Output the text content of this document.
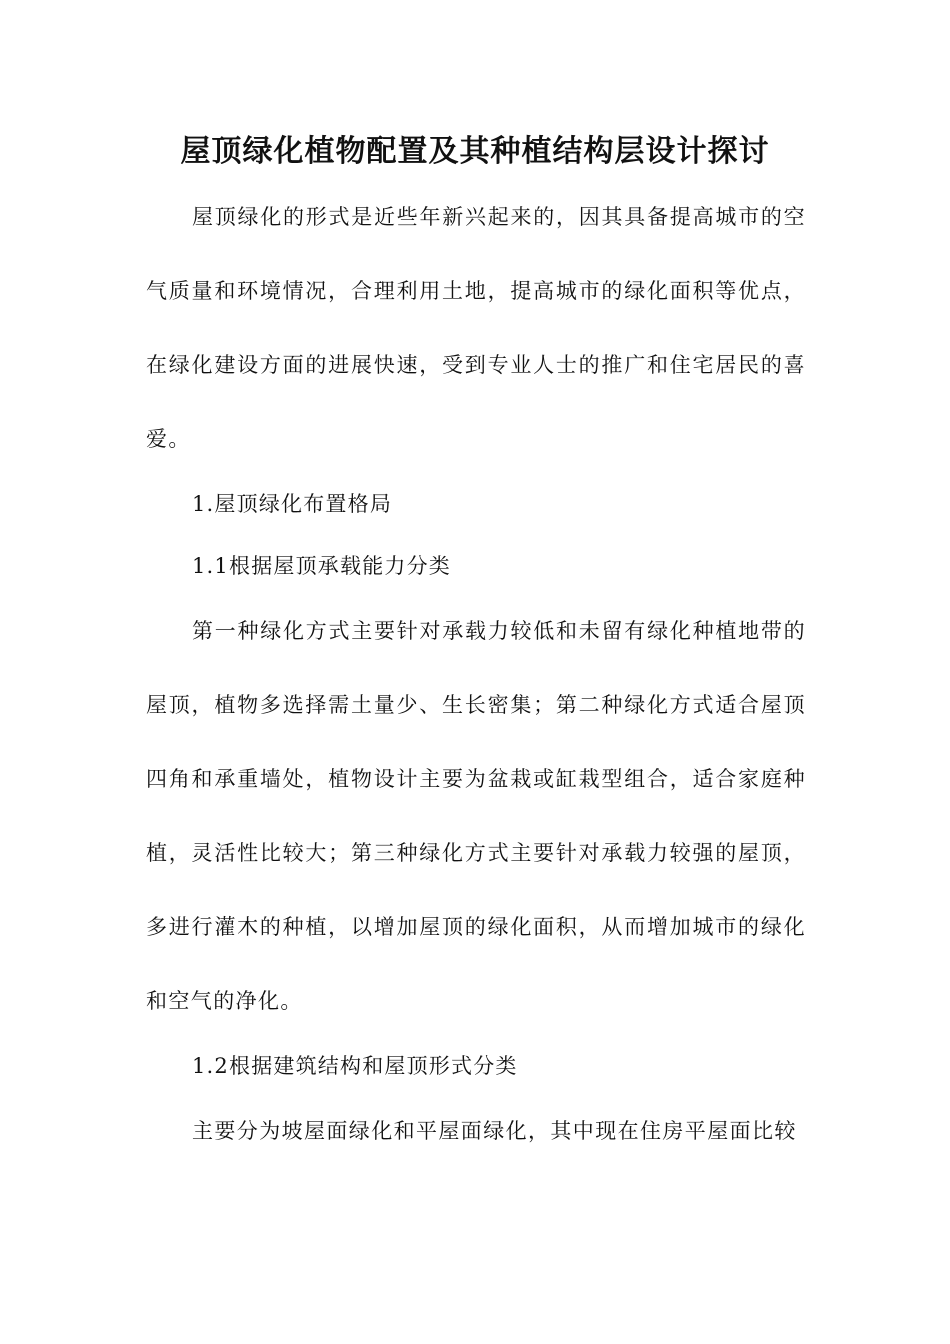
屋顶绿化植物配置及其种植结构层设计探讨

屋顶绿化的形式是近些年新兴起来的，因其具备提高城市的空气质量和环境情况，合理利用土地，提高城市的绿化面积等优点，在绿化建设方面的进展快速，受到专业人士的推广和住宅居民的喜爱。

1.屋顶绿化布置格局

1.1根据屋顶承载能力分类

第一种绿化方式主要针对承载力较低和未留有绿化种植地带的屋顶，植物多选择需土量少、生长密集；第二种绿化方式适合屋顶四角和承重墙处，植物设计主要为盆栽或缸栽型组合，适合家庭种植，灵活性比较大；第三种绿化方式主要针对承载力较强的屋顶，多进行灌木的种植，以增加屋顶的绿化面积，从而增加城市的绿化和空气的净化。

1.2根据建筑结构和屋顶形式分类

主要分为坡屋面绿化和平屋面绿化，其中现在住房平屋面比较
